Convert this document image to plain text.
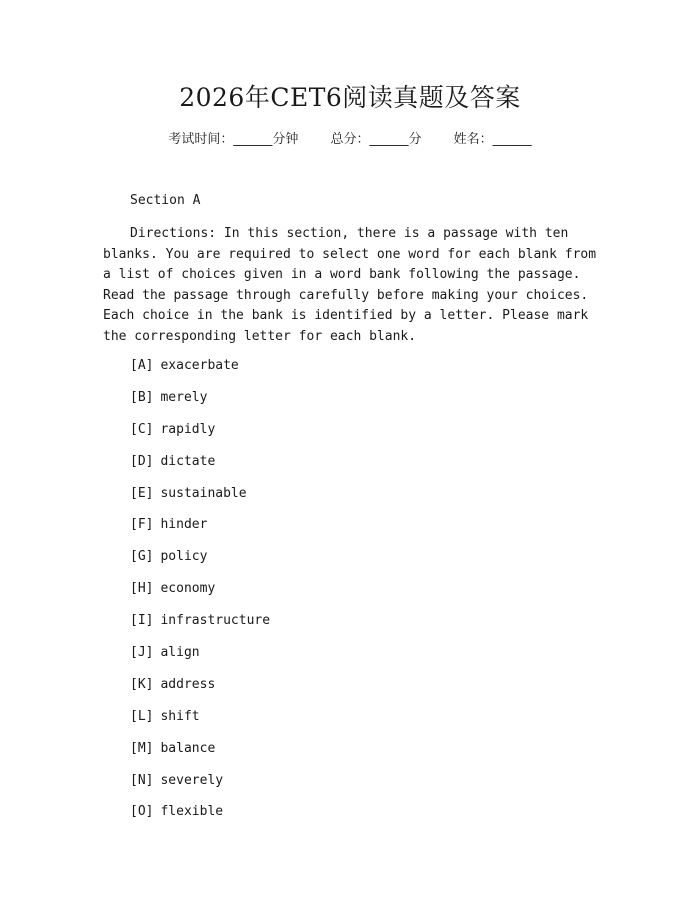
2026年CET6阅读真题及答案
考试时间：______分钟 总分：______分 姓名：______
Section A
Directions: In this section, there is a passage with ten blanks. You are required to select one word for each blank from a list of choices given in a word bank following the passage. Read the passage through carefully before making your choices. Each choice in the bank is identified by a letter. Please mark the corresponding letter for each blank.
[A] exacerbate
[B] merely
[C] rapidly
[D] dictate
[E] sustainable
[F] hinder
[G] policy
[H] economy
[I] infrastructure
[J] align
[K] address
[L] shift
[M] balance
[N] severely
[O] flexible
